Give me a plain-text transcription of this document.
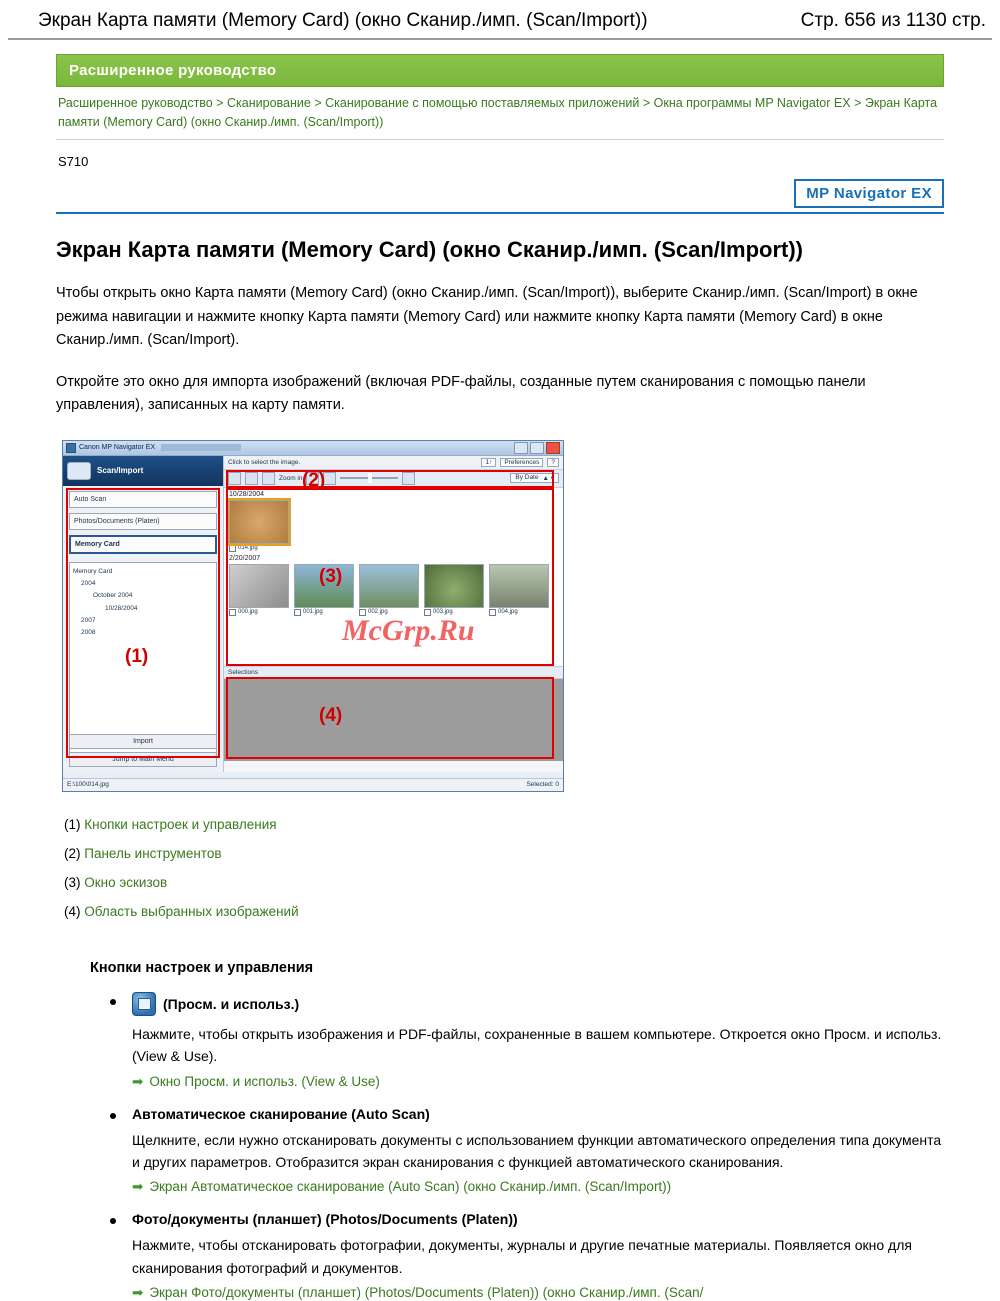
Экран Карта памяти (Memory Card) (окно Сканир./имп. (Scan/Import))	Стр. 656 из 1130 стр.
Расширенное руководство
Расширенное руководство > Сканирование > Сканирование с помощью поставляемых приложений > Окна программы MP Navigator EX > Экран Карта памяти (Memory Card) (окно Сканир./имп. (Scan/Import))
S710
MP Navigator EX
Экран Карта памяти (Memory Card) (окно Сканир./имп. (Scan/Import))
Чтобы открыть окно Карта памяти (Memory Card) (окно Сканир./имп. (Scan/Import)), выберите Сканир./имп. (Scan/Import) в окне режима навигации и нажмите кнопку Карта памяти (Memory Card) или нажмите кнопку Карта памяти (Memory Card) в окне Сканир./имп. (Scan/Import).
Откройте это окно для импорта изображений (включая PDF-файлы, созданные путем сканирования с помощью панели управления), записанных на карту памяти.
Canon MP Navigator EX
Scan/Import
Auto Scan
Photos/Documents (Platen)
Memory Card
Memory Card
2004
October 2004
10/28/2004
2007
2008
Import
Jump to Main Menu
(1)
Click to select the image.	1↑	Preferences	?
Zoom in	By Date ▲ ▾
10/28/2004
014.jpg
2/20/2007
000.jpg	001.jpg	002.jpg	003.jpg	004.jpg
(3)
Selections
(4)
(2)
E:\100\014.jpg	Selected: 0
(1) Кнопки настроек и управления
(2) Панель инструментов
(3) Окно эскизов
(4) Область выбранных изображений
Кнопки настроек и управления
(Просм. и использ.)
Нажмите, чтобы открыть изображения и PDF-файлы, сохраненные в вашем компьютере. Откроется окно Просм. и использ. (View & Use).
➡ Окно Просм. и использ. (View & Use)
Автоматическое сканирование (Auto Scan)
Щелкните, если нужно отсканировать документы с использованием функции автоматического определения типа документа и других параметров. Отобразится экран сканирования с функцией автоматического сканирования.
➡ Экран Автоматическое сканирование (Auto Scan) (окно Сканир./имп. (Scan/Import))
Фото/документы (планшет) (Photos/Documents (Platen))
Нажмите, чтобы отсканировать фотографии, документы, журналы и другие печатные материалы. Появляется окно для сканирования фотографий и документов.
➡ Экран Фото/документы (планшет) (Photos/Documents (Platen)) (окно Сканир./имп. (Scan/
McGrp.Ru
